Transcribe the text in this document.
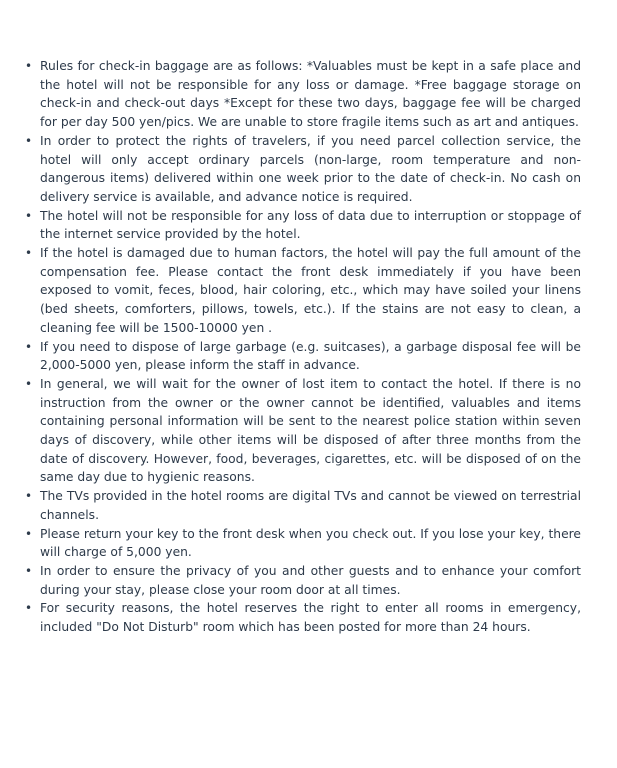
• Rules for check-in baggage are as follows: *Valuables must be kept in a safe place and the hotel will not be responsible for any loss or damage. *Free baggage storage on check-in and check-out days *Except for these two days, baggage fee will be charged for per day 500 yen/pics. We are unable to store fragile items such as art and antiques.
• In order to protect the rights of travelers, if you need parcel collection service, the hotel will only accept ordinary parcels (non-large, room temperature and non-dangerous items) delivered within one week prior to the date of check-in. No cash on delivery service is available, and advance notice is required.
• The hotel will not be responsible for any loss of data due to interruption or stoppage of the internet service provided by the hotel.
• If the hotel is damaged due to human factors, the hotel will pay the full amount of the compensation fee. Please contact the front desk immediately if you have been exposed to vomit, feces, blood, hair coloring, etc., which may have soiled your linens (bed sheets, comforters, pillows, towels, etc.). If the stains are not easy to clean, a cleaning fee will be 1500-10000 yen .
• If you need to dispose of large garbage (e.g. suitcases), a garbage disposal fee will be 2,000-5000 yen, please inform the staff in advance.
• In general, we will wait for the owner of lost item to contact the hotel. If there is no instruction from the owner or the owner cannot be identified, valuables and items containing personal information will be sent to the nearest police station within seven days of discovery, while other items will be disposed of after three months from the date of discovery. However, food, beverages, cigarettes, etc. will be disposed of on the same day due to hygienic reasons.
• The TVs provided in the hotel rooms are digital TVs and cannot be viewed on terrestrial channels.
• Please return your key to the front desk when you check out. If you lose your key, there will charge of 5,000 yen.
• In order to ensure the privacy of you and other guests and to enhance your comfort during your stay, please close your room door at all times.
• For security reasons, the hotel reserves the right to enter all rooms in emergency, included "Do Not Disturb" room which has been posted for more than 24 hours.
